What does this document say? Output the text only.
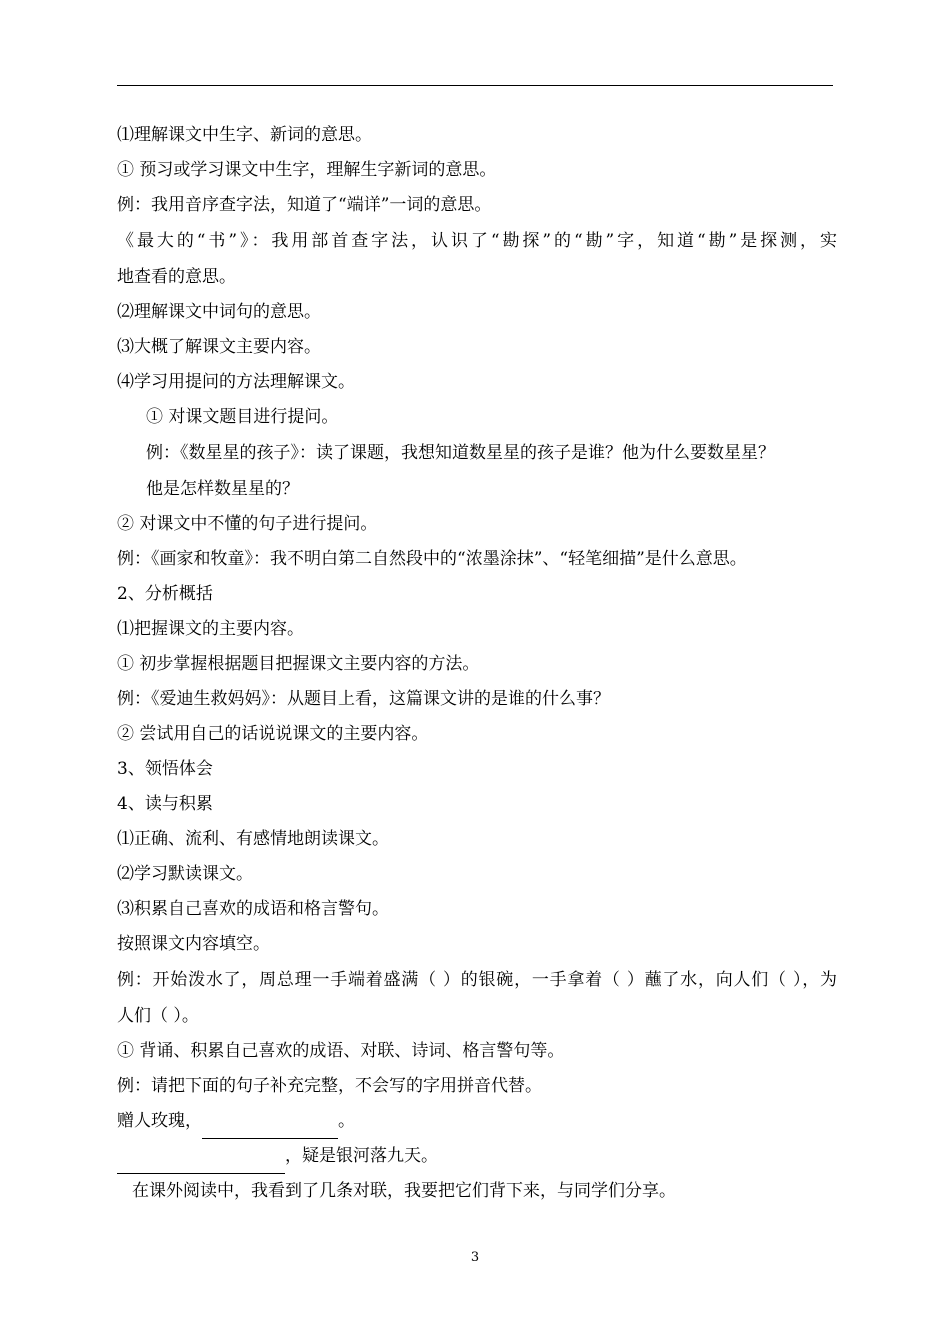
⑴理解课文中生字、新词的意思。
① 预习或学习课文中生字，理解生字新词的意思。
例：我用音序查字法，知道了“端详”一词的意思。
《最大的“书”》：我用部首查字法，认识了“勘探”的“勘”字，知道“勘”是探测，实
地查看的意思。
⑵理解课文中词句的意思。
⑶大概了解课文主要内容。
⑷学习用提问的方法理解课文。
① 对课文题目进行提问。
例：《数星星的孩子》：读了课题，我想知道数星星的孩子是谁？他为什么要数星星？
他是怎样数星星的？
② 对课文中不懂的句子进行提问。
例：《画家和牧童》：我不明白第二自然段中的“浓墨涂抹”、“轻笔细描”是什么意思。
2、分析概括
⑴把握课文的主要内容。
① 初步掌握根据题目把握课文主要内容的方法。
例：《爱迪生救妈妈》：从题目上看，这篇课文讲的是谁的什么事？
② 尝试用自己的话说说课文的主要内容。
3、领悟体会
4、读与积累
⑴正确、流利、有感情地朗读课文。
⑵学习默读课文。
⑶积累自己喜欢的成语和格言警句。
按照课文内容填空。
例：开始泼水了，周总理一手端着盛满（ ）的银碗，一手拿着（ ）蘸了水，向人们（ ），为
人们（ ）。
① 背诵、积累自己喜欢的成语、对联、诗词、格言警句等。
例：请把下面的句子补充完整，不会写的字用拼音代替。
赠人玫瑰，	。
，疑是银河落九天。
在课外阅读中，我看到了几条对联，我要把它们背下来，与同学们分享。
3
